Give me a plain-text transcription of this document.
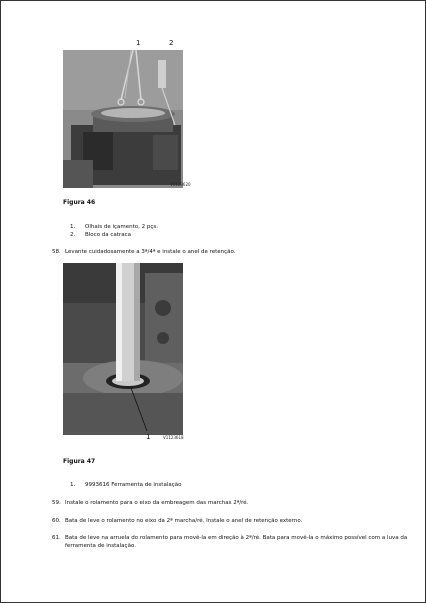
1	2
V1123620
Figura 46
1. Olhais de içamento, 2 pçs.
2. Bloco da catraca
58. Levante cuidadosamente a 3ª/4ª e instale o anel de retenção.
1	V1123618
Figura 47
1. 9993616 Ferramenta de instalação
59. Instale o rolamento para o eixo da embreagem das marchas 2ª/ré.
60. Bata de leve o rolamento no eixo da 2ª marcha/ré. Instale o anel de retenção externo.
61. Bata de leve na arruela do rolamento para movê-la em direção à 2ª/ré. Bata para movê-la o máximo possível com a luva da ferramenta de instalação.
